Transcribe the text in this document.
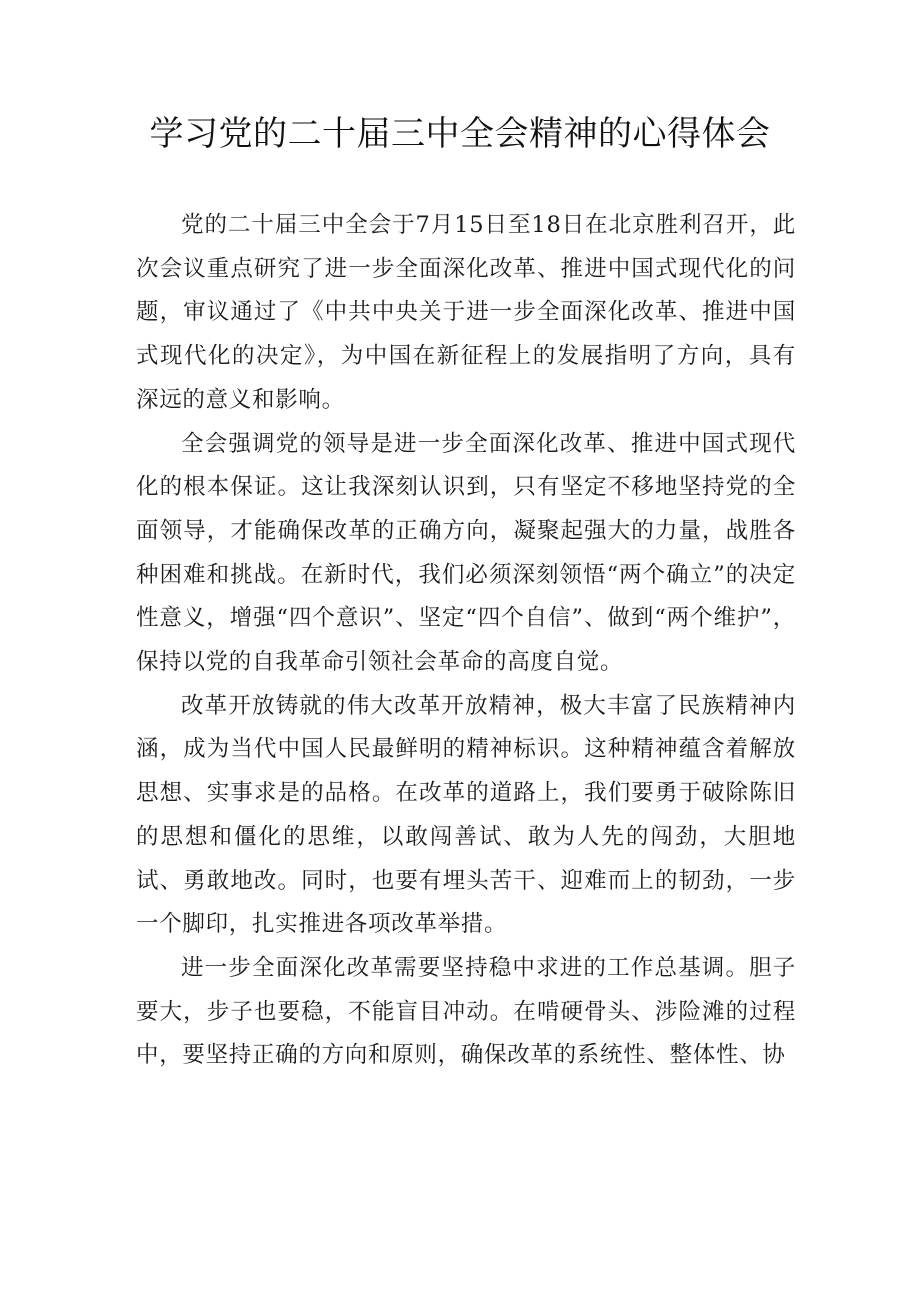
学习党的二十届三中全会精神的心得体会

党的二十届三中全会于7月15日至18日在北京胜利召开，此次会议重点研究了进一步全面深化改革、推进中国式现代化的问题，审议通过了《中共中央关于进一步全面深化改革、推进中国式现代化的决定》，为中国在新征程上的发展指明了方向，具有深远的意义和影响。

全会强调党的领导是进一步全面深化改革、推进中国式现代化的根本保证。这让我深刻认识到，只有坚定不移地坚持党的全面领导，才能确保改革的正确方向，凝聚起强大的力量，战胜各种困难和挑战。在新时代，我们必须深刻领悟“两个确立”的决定性意义，增强“四个意识”、坚定“四个自信”、做到“两个维护”，保持以党的自我革命引领社会革命的高度自觉。

改革开放铸就的伟大改革开放精神，极大丰富了民族精神内涵，成为当代中国人民最鲜明的精神标识。这种精神蕴含着解放思想、实事求是的品格。在改革的道路上，我们要勇于破除陈旧的思想和僵化的思维，以敢闯善试、敢为人先的闯劲，大胆地试、勇敢地改。同时，也要有埋头苦干、迎难而上的韧劲，一步一个脚印，扎实推进各项改革举措。

进一步全面深化改革需要坚持稳中求进的工作总基调。胆子要大，步子也要稳，不能盲目冲动。在啃硬骨头、涉险滩的过程中，要坚持正确的方向和原则，确保改革的系统性、整体性、协
